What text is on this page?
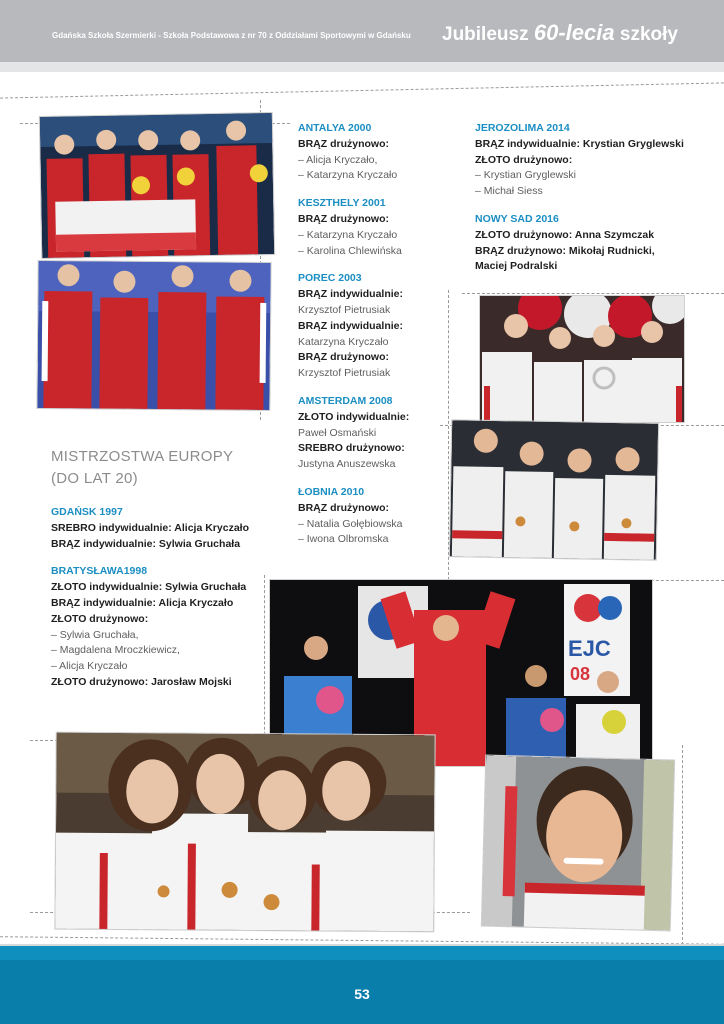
Gdańska Szkoła Szermierki - Szkoła Podstawowa z nr 70 z Oddziałami Sportowymi w Gdańsku Jubileusz 60-lecia szkoły

ANTALYA 2000

BRĄZ drużynowo:

– Alicja Kryczało,

– Katarzyna Kryczało

KESZTHELY 2001

BRĄZ drużynowo:

– Katarzyna Kryczało

– Karolina Chlewińska

POREC 2003

BRĄZ indywidualnie:

Krzysztof Pietrusiak

BRĄZ indywidualnie:

Katarzyna Kryczało

BRĄZ drużynowo:

Krzysztof Pietrusiak

AMSTERDAM 2008

ZŁOTO indywidualnie:

Paweł Osmański

SREBRO drużynowo:

Justyna Anuszewska

ŁOBNIA 2010

BRĄZ drużynowo:

– Natalia Gołębiowska

– Iwona Olbromska

JEROZOLIMA 2014

BRĄZ indywidualnie: Krystian Gryglewski

ZŁOTO drużynowo:

– Krystian Gryglewski

– Michał Siess

NOWY SAD 2016

ZŁOTO drużynowo: Anna Szymczak

BRĄZ drużynowo: Mikołaj Rudnicki,

Maciej Podralski

MISTRZOSTWA EUROPY
(DO LAT 20)

GDAŃSK 1997

SREBRO indywidualnie: Alicja Kryczało

BRĄZ indywidualnie: Sylwia Gruchała

BRATYSŁAWA1998

ZŁOTO indywidualnie: Sylwia Gruchała

BRĄZ indywidualnie: Alicja Kryczało

ZŁOTO drużynowo:

– Sylwia Gruchała,

– Magdalena Mroczkiewicz,

– Alicja Kryczało

ZŁOTO drużynowo: Jarosław Mojski

EJC
08
53
